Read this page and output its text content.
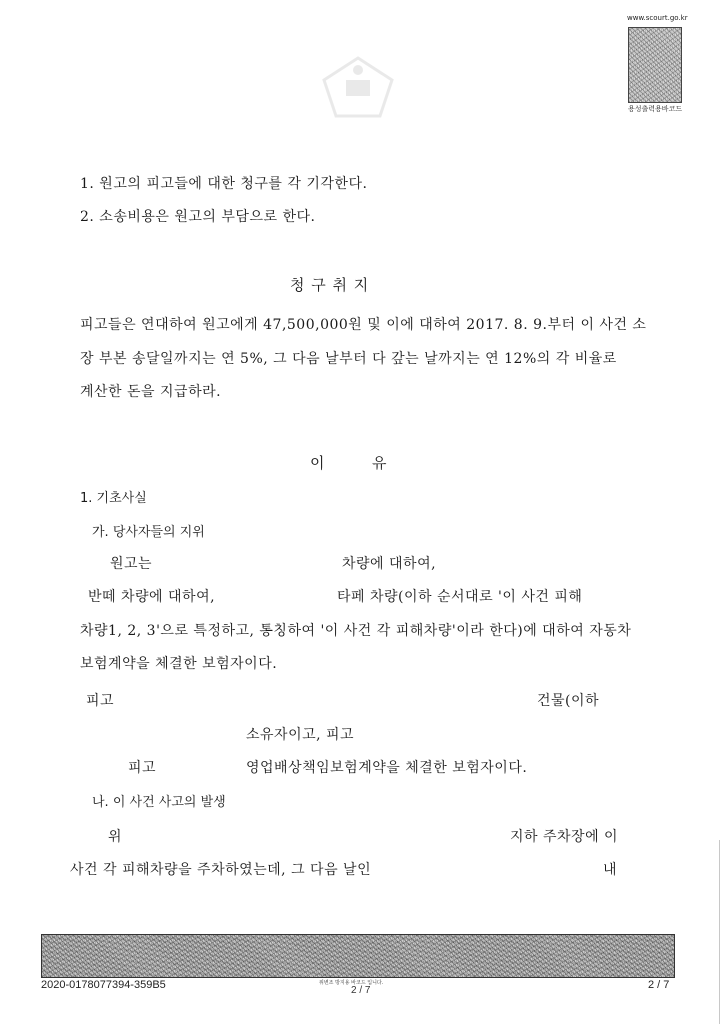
www.scourt.go.kr
용성출력용바코드
1. 원고의 피고들에 대한 청구를 각 기각한다.
2. 소송비용은 원고의 부담으로 한다.
청 구 취 지
피고들은 연대하여 원고에게 47,500,000원 및 이에 대하여 2017. 8. 9.부터 이 사건 소
장 부본 송달일까지는 연 5%, 그 다음 날부터 다 갚는 날까지는 연 12%의 각 비율로
계산한 돈을 지급하라.
이	유
1. 기초사실
가. 당사자들의 지위
원고는	차량에 대하여,
반떼 차량에 대하여,	타페 차량(이하 순서대로 '이 사건 피해
차량1, 2, 3'으로 특정하고, 통칭하여 '이 사건 각 피해차량'이라 한다)에 대하여 자동차
보험계약을 체결한 보험자이다.
피고	건물(이하
소유자이고, 피고
피고	영업배상책임보험계약을 체결한 보험자이다.
나. 이 사건 사고의 발생
위	지하 주차장에 이
사건 각 피해차량을 주차하였는데, 그 다음 날인	내
2020-0178077394-359B5	위변조 방지용 바코드 입니다.
2 / 7	2 / 7
